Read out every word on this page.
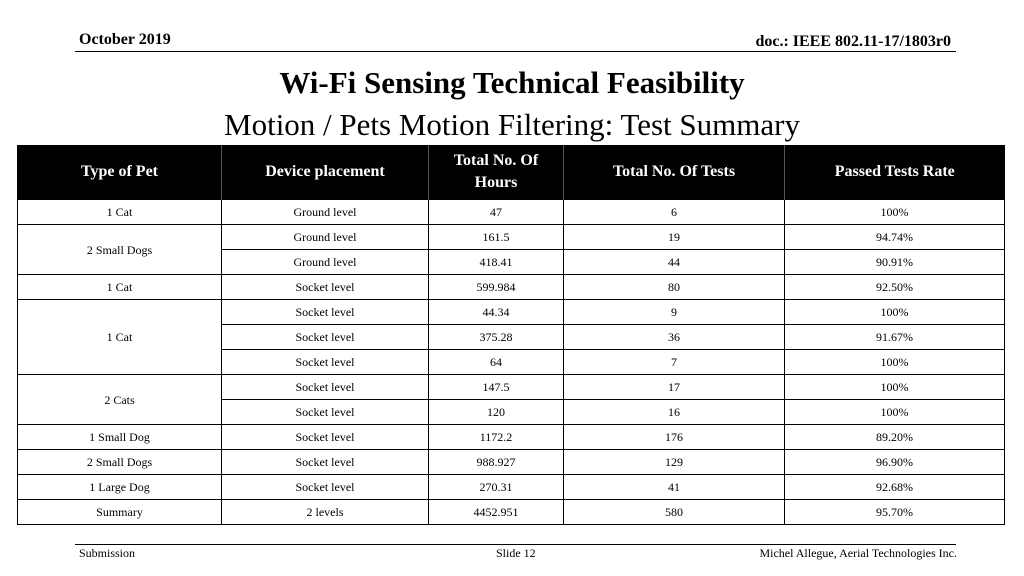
October 2019	doc.: IEEE 802.11-17/1803r0
Wi-Fi Sensing Technical Feasibility
Motion / Pets Motion Filtering: Test Summary
Type of Pet	Device placement	Total No. Of Hours	Total No. Of Tests	Passed Tests Rate
1 Cat	Ground level	47	6	100%
2 Small Dogs	Ground level	161.5	19	94.74%
	Ground level	418.41	44	90.91%
1 Cat	Socket level	599.984	80	92.50%
1 Cat	Socket level	44.34	9	100%
	Socket level	375.28	36	91.67%
	Socket level	64	7	100%
2 Cats	Socket level	147.5	17	100%
	Socket level	120	16	100%
1 Small Dog	Socket level	1172.2	176	89.20%
2 Small Dogs	Socket level	988.927	129	96.90%
1 Large Dog	Socket level	270.31	41	92.68%
Summary	2 levels	4452.951	580	95.70%
Submission	Slide 12	Michel Allegue, Aerial Technologies Inc.
